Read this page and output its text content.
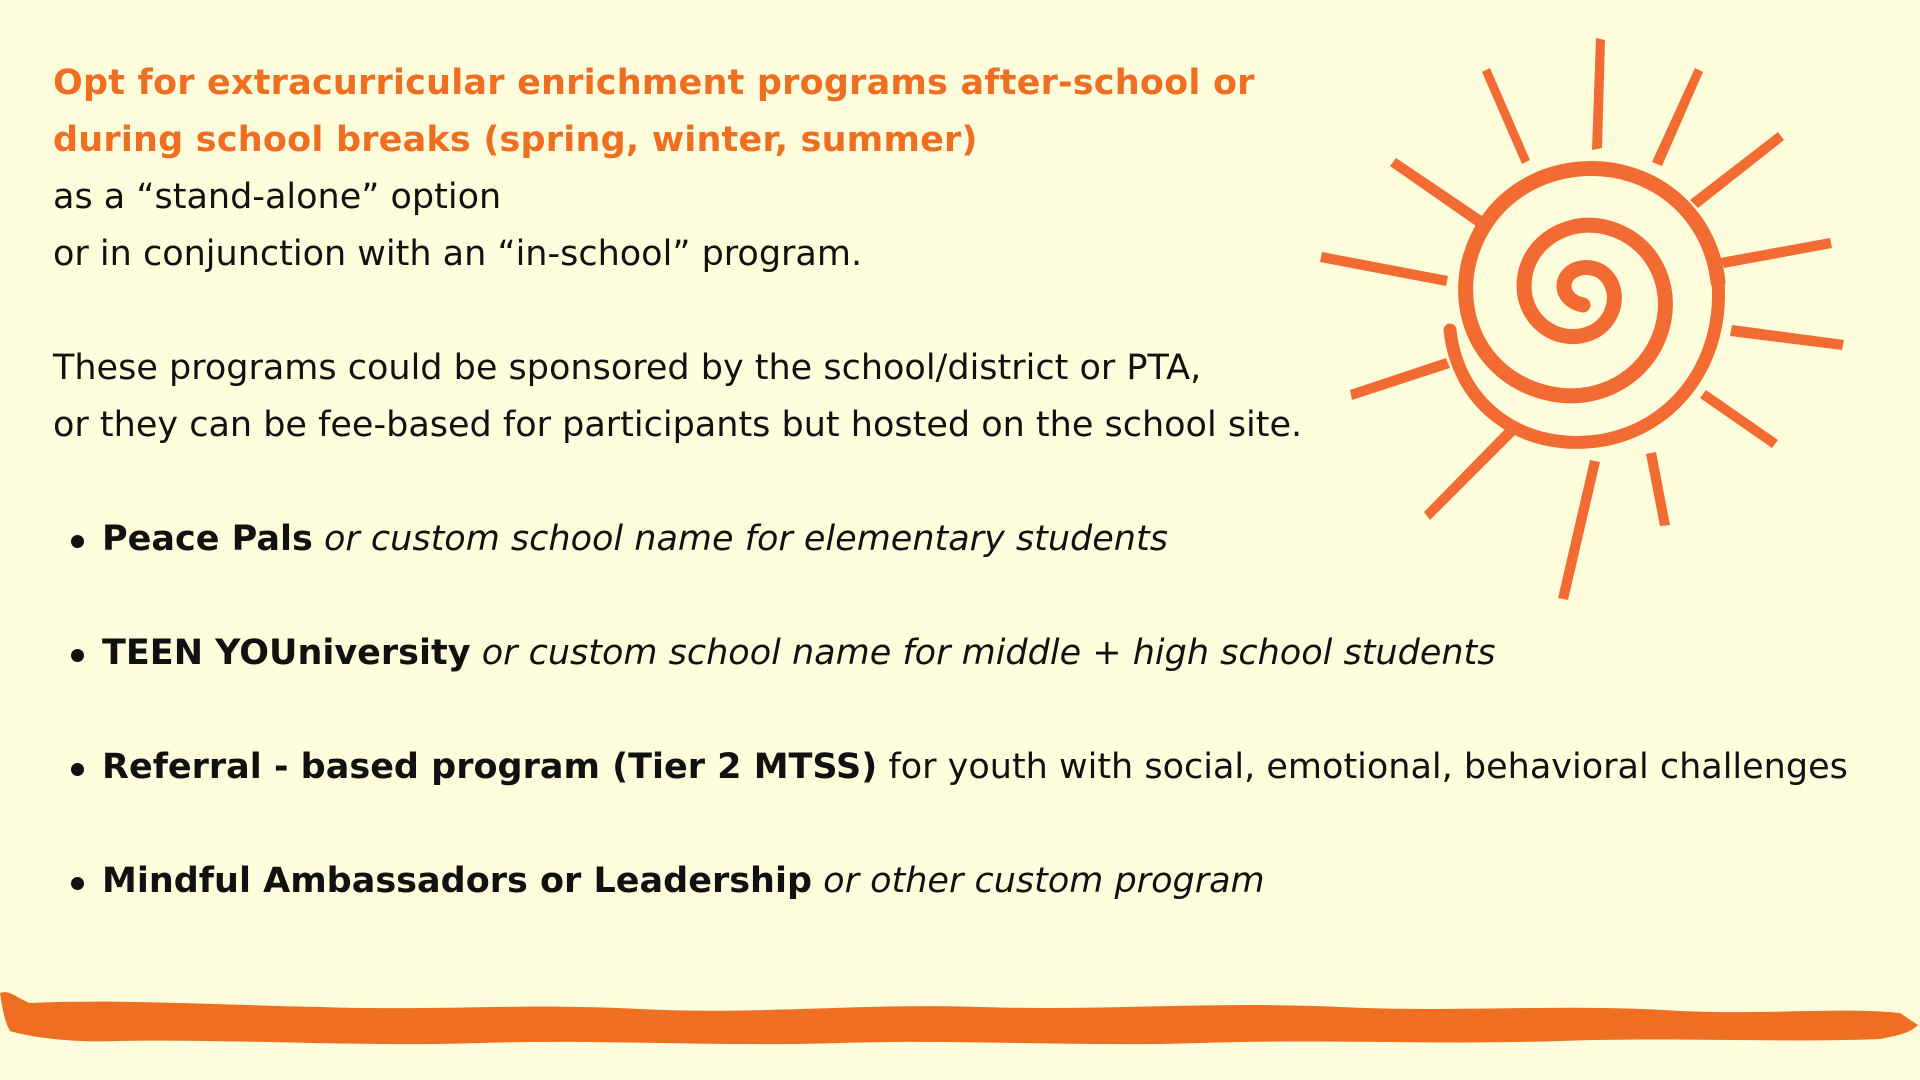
Opt for extracurricular enrichment programs after-school or

during school breaks (spring, winter, summer)

as a “stand-alone” option

or in conjunction with an “in-school” program.

These programs could be sponsored by the school/district or PTA,

or they can be fee-based for participants but hosted on the school site.

Peace Pals or custom school name for elementary students
TEEN YOUniversity or custom school name for middle + high school students
Referral - based program (Tier 2 MTSS) for youth with social, emotional, behavioral challenges
Mindful Ambassadors or Leadership or other custom program
